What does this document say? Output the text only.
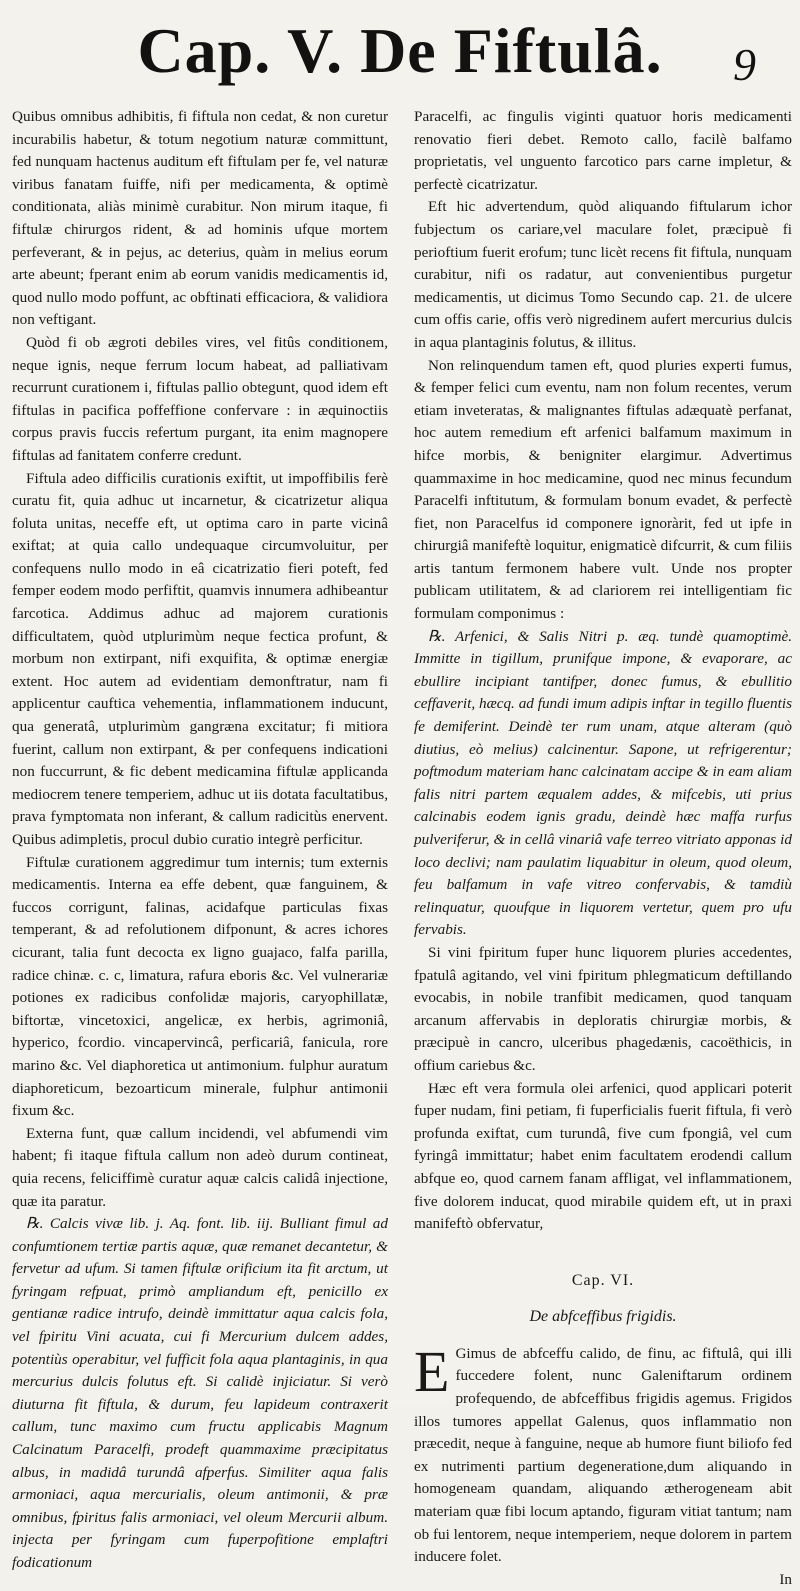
Cap. V. De Fiftulâ.	9

Quibus omnibus adhibitis, fi fiftula non cedat, & non curetur incurabilis habetur, & totum negotium naturæ committunt, fed nunquam hactenus auditum eft fiftulam per fe, vel naturæ viribus fanatam fuiffe, nifi per medicamenta, & optimè conditionata, aliàs minimè curabitur. Non mirum itaque, fi fiftulæ chirurgos rident, & ad hominis ufque mortem perfeverant, & in pejus, ac deterius, quàm in melius eorum arte abeunt; fperant enim ab eorum vanidis medicamentis id, quod nullo modo poffunt, ac obftinati efficaciora, & validiora non veftigant.

Quòd fi ob ægroti debiles vires, vel fitûs conditionem, neque ignis, neque ferrum locum habeat, ad palliativam recurrunt curationem i, fiftulas pallio obtegunt, quod idem eft fiftulas in pacifica poffeffione confervare : in æquinoctiis corpus pravis fuccis refertum purgant, ita enim magnopere fiftulas ad fanitatem conferre credunt.

Fiftula adeo difficilis curationis exiftit, ut impoffibilis ferè curatu fit, quia adhuc ut incarnetur, & cicatrizetur aliqua foluta unitas, neceffe eft, ut optima caro in parte vicinâ exiftat; at quia callo undequaque circumvoluitur, per confequens nullo modo in eâ cicatrizatio fieri poteft, fed femper eodem modo perfiftit, quamvis innumera adhibeantur farcotica. Addimus adhuc ad majorem curationis difficultatem, quòd utplurimùm neque fectica profunt, & morbum non extirpant, nifi exquifita, & optimæ energiæ extent. Hoc autem ad evidentiam demonftratur, nam fi applicentur cauftica vehementia, inflammationem inducunt, qua generatâ, utplurimùm gangræna excitatur; fi mitiora fuerint, callum non extirpant, & per confequens indicationi non fuccurrunt, & fic debent medicamina fiftulæ applicanda mediocrem tenere temperiem, adhuc ut iis dotata facultatibus, prava fymptomata non inferant, & callum radicitùs enervent. Quibus adimpletis, procul dubio curatio integrè perficitur.

Fiftulæ curationem aggredimur tum internis; tum externis medicamentis. Interna ea effe debent, quæ fanguinem, & fuccos corrigunt, falinas, acidafque particulas fixas temperant, & ad refolutionem difponunt, & acres ichores cicurant, talia funt decocta ex ligno guajaco, falfa parilla, radice chinæ. c. c, limatura, rafura eboris &c. Vel vulnerariæ potiones ex radicibus confolidæ majoris, caryophillatæ, biftortæ, vincetoxici, angelicæ, ex herbis, agrimoniâ, hyperico, fcordio. vincapervincâ, perficariâ, fanicula, rore marino &c. Vel diaphoretica ut antimonium. fulphur auratum diaphoreticum, bezoarticum minerale, fulphur antimonii fixum &c.

Externa funt, quæ callum incidendi, vel abfumendi vim habent; fi itaque fiftula callum non adeò durum contineat, quia recens, feliciffimè curatur aquæ calcis calidâ injectione, quæ ita paratur.

℞. Calcis vivæ lib. j. Aq. font. lib. iij. Bulliant fimul ad confumtionem tertiæ partis aquæ, quæ remanet decantetur, & fervetur ad ufum. Si tamen fiftulæ orificium ita fit arctum, ut fyringam refpuat, primò ampliandum eft, penicillo ex gentianæ radice intrufo, deindè immittatur aqua calcis fola, vel fpiritu Vini acuata, cui fi Mercurium dulcem addes, potentiùs operabitur, vel fufficit fola aqua plantaginis, in qua mercurius dulcis folutus eft. Si calidè injiciatur. Si verò diuturna fit fiftula, & durum, feu lapideum contraxerit callum, tunc maximo cum fructu applicabis Magnum Calcinatum Paracelfi, prodeft quammaxime præcipitatus albus, in madidâ turundâ afperfus. Similiter aqua falis armoniaci, aqua mercurialis, oleum antimonii, & præ omnibus, fpiritus falis armoniaci, vel oleum Mercurii album. injecta per fyringam cum fuperpofitione emplaftri fodicationum

Paracelfi, ac fingulis viginti quatuor horis medicamenti renovatio fieri debet. Remoto callo, facilè balfamo proprietatis, vel unguento farcotico pars carne impletur, & perfectè cicatrizatur.

Eft hic advertendum, quòd aliquando fiftularum ichor fubjectum os cariare,vel maculare folet, præcipuè fi perioftium fuerit erofum; tunc licèt recens fit fiftula, nunquam curabitur, nifi os radatur, aut convenientibus purgetur medicamentis, ut dicimus Tomo Secundo cap. 21. de ulcere cum offis carie, offis verò nigredinem aufert mercurius dulcis in aqua plantaginis folutus, & illitus.

Non relinquendum tamen eft, quod pluries experti fumus, & femper felici cum eventu, nam non folum recentes, verum etiam inveteratas, & malignantes fiftulas adæquatè perfanat, hoc autem remedium eft arfenici balfamum maximum in hifce morbis, & benigniter elargimur. Advertimus quammaxime in hoc medicamine, quod nec minus fecundum Paracelfi inftitutum, & formulam bonum evadet, & perfectè fiet, non Paracelfus id componere ignoràrit, fed ut ipfe in chirurgiâ manifeftè loquitur, enigmaticè difcurrit, & cum filiis artis tantum fermonem habere vult. Unde nos propter publicam utilitatem, & ad clariorem rei intelligentiam fic formulam componimus :

℞. Arfenici, & Salis Nitri p. æq. tundè quamoptimè. Immitte in tigillum, prunifque impone, & evaporare, ac ebullire incipiant tantifper, donec fumus, & ebullitio ceffaverit, hæcq. ad fundi imum adipis inftar in tegillo fluentis fe demiferint. Deindè ter rum unam, atque alteram (quò diutius, eò melius) calcinentur. Sapone, ut refrigerentur; poftmodum materiam hanc calcinatam accipe & in eam aliam falis nitri partem æqualem addes, & mifcebis, uti prius calcinabis eodem ignis gradu, deindè hæc maffa rurfus pulveriferur, & in cellâ vinariâ vafe terreo vitriato apponas id loco declivi; nam paulatim liquabitur in oleum, quod oleum, feu balfamum in vafe vitreo confervabis, & tamdiù relinquatur, quoufque in liquorem vertetur, quem pro ufu fervabis.

Si vini fpiritum fuper hunc liquorem pluries accedentes, fpatulâ agitando, vel vini fpiritum phlegmaticum deftillando evocabis, in nobile tranfibit medicamen, quod tanquam arcanum affervabis in deploratis chirurgiæ morbis, & præcipuè in cancro, ulceribus phagedænis, cacoëthicis, in offium cariebus &c.

Hæc eft vera formula olei arfenici, quod applicari poterit fuper nudam, fini petiam, fi fuperficialis fuerit fiftula, fi verò profunda exiftat, cum turundâ, five cum fpongiâ, vel cum fyringâ immittatur; habet enim facultatem erodendi callum abfque eo, quod carnem fanam affligat, vel inflammationem, five dolorem inducat, quod mirabile quidem eft, ut in praxi manifeftò obfervatur,

Cap. VI.
De abfceffibus frigidis.

E Gimus de abfceffu calido, de finu, ac fiftulâ, qui illi fuccedere folent, nunc Galeniftarum ordinem profequendo, de abfceffibus frigidis agemus. Frigidos illos tumores appellat Galenus, quos inflammatio non præcedit, neque à fanguine, neque ab humore fiunt biliofo fed ex nutrimenti partium degeneratione,dum aliquando in homogeneam quandam, aliquando ætherogeneam abit materiam quæ fibi locum aptando, figuram vitiat tantum; nam ob fui lentorem, neque intemperiem, neque dolorem in partem inducere folet.

In
